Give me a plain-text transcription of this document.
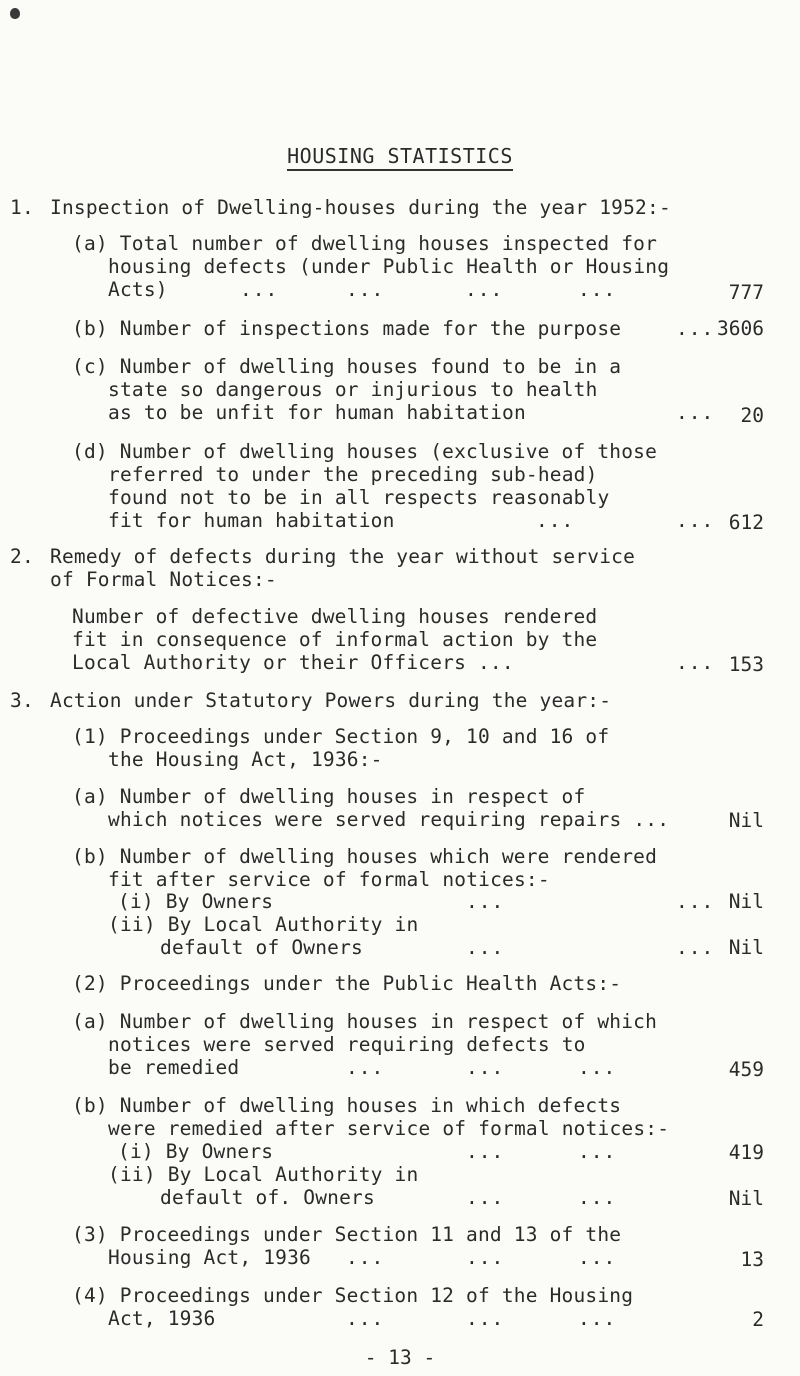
HOUSING STATISTICS
1. Inspection of Dwelling-houses during the year 1952:-
(a) Total number of dwelling houses inspected for
housing defects (under Public Health or Housing
Acts)	...	...	...	...	777
(b) Number of inspections made for the purpose	... 3606
(c) Number of dwelling houses found to be in a
state so dangerous or injurious to health
as to be unfit for human habitation	... 20
(d) Number of dwelling houses (exclusive of those
referred to under the preceding sub-head)
found not to be in all respects reasonably
fit for human habitation	...	... 612
2. Remedy of defects during the year without service
of Formal Notices:-
Number of defective dwelling houses rendered
fit in consequence of informal action by the
Local Authority or their Officers ...	... 153
3. Action under Statutory Powers during the year:-
(1) Proceedings under Section 9, 10 and 16 of
the Housing Act, 1936:-
(a) Number of dwelling houses in respect of
which notices were served requiring repairs ...	Nil
(b) Number of dwelling houses which were rendered
fit after service of formal notices:-
(i) By Owners	...	... Nil
(ii) By Local Authority in
default of Owners	...	... Nil
(2) Proceedings under the Public Health Acts:-
(a) Number of dwelling houses in respect of which
notices were served requiring defects to
be remedied	...	...	...	459
(b) Number of dwelling houses in which defects
were remedied after service of formal notices:-
(i) By Owners	...	...	419
(ii) By Local Authority in
default of. Owners	...	...	Nil
(3) Proceedings under Section 11 and 13 of the
Housing Act, 1936 ...	...	...	13
(4) Proceedings under Section 12 of the Housing
Act, 1936	...	...	...	2
- 13 -
